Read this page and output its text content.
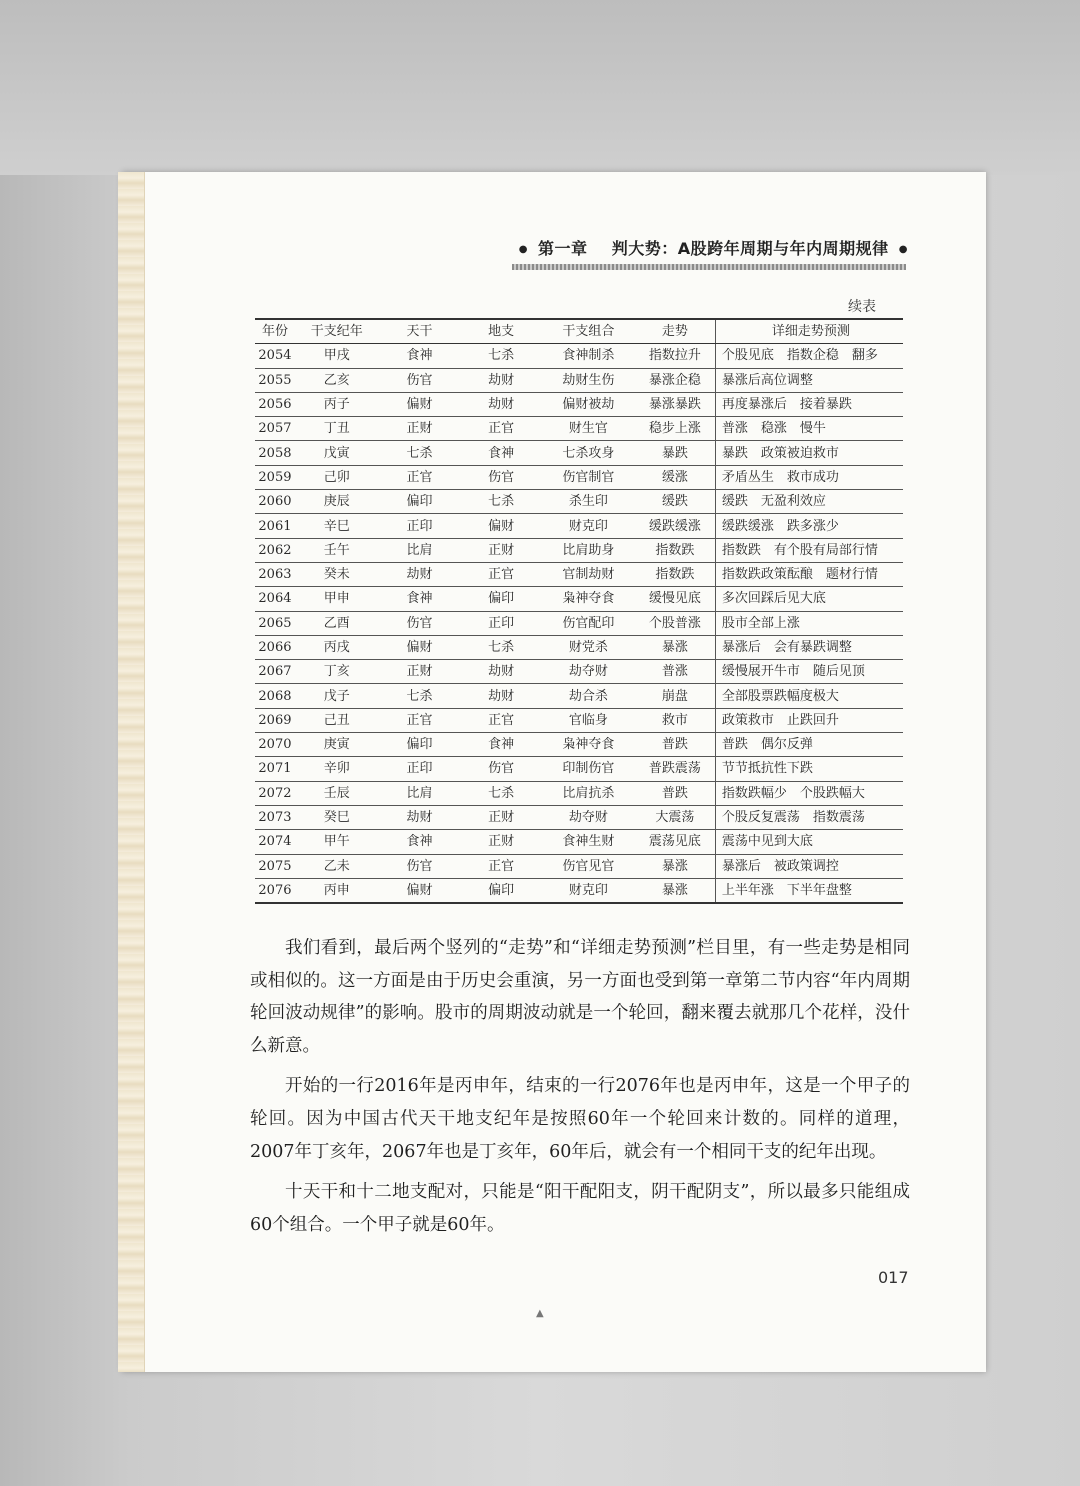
● 第一章 判大势：A股跨年周期与年内周期规律 ●
续表
年份	干支纪年	天干	地支	干支组合	走势	详细走势预测
2054	甲戌	食神	七杀	食神制杀	指数拉升	个股见底　指数企稳　翻多
2055	乙亥	伤官	劫财	劫财生伤	暴涨企稳	暴涨后高位调整
2056	丙子	偏财	劫财	偏财被劫	暴涨暴跌	再度暴涨后　接着暴跌
2057	丁丑	正财	正官	财生官	稳步上涨	普涨　稳涨　慢牛
2058	戊寅	七杀	食神	七杀攻身	暴跌	暴跌　政策被迫救市
2059	己卯	正官	伤官	伤官制官	缓涨	矛盾丛生　救市成功
2060	庚辰	偏印	七杀	杀生印	缓跌	缓跌　无盈利效应
2061	辛巳	正印	偏财	财克印	缓跌缓涨	缓跌缓涨　跌多涨少
2062	壬午	比肩	正财	比肩助身	指数跌	指数跌　有个股有局部行情
2063	癸未	劫财	正官	官制劫财	指数跌	指数跌政策酝酿　题材行情
2064	甲申	食神	偏印	枭神夺食	缓慢见底	多次回踩后见大底
2065	乙酉	伤官	正印	伤官配印	个股普涨	股市全部上涨
2066	丙戌	偏财	七杀	财党杀	暴涨	暴涨后　会有暴跌调整
2067	丁亥	正财	劫财	劫夺财	普涨	缓慢展开牛市　随后见顶
2068	戊子	七杀	劫财	劫合杀	崩盘	全部股票跌幅度极大
2069	己丑	正官	正官	官临身	救市	政策救市　止跌回升
2070	庚寅	偏印	食神	枭神夺食	普跌	普跌　偶尔反弹
2071	辛卯	正印	伤官	印制伤官	普跌震荡	节节抵抗性下跌
2072	壬辰	比肩	七杀	比肩抗杀	普跌	指数跌幅少　个股跌幅大
2073	癸巳	劫财	正财	劫夺财	大震荡	个股反复震荡　指数震荡
2074	甲午	食神	正财	食神生财	震荡见底	震荡中见到大底
2075	乙未	伤官	正官	伤官见官	暴涨	暴涨后　被政策调控
2076	丙申	偏财	偏印	财克印	暴涨	上半年涨　下半年盘整

我们看到，最后两个竖列的“走势”和“详细走势预测”栏目里，有一些走势是相同或相似的。这一方面是由于历史会重演，另一方面也受到第一章第二节内容“年内周期轮回波动规律”的影响。股市的周期波动就是一个轮回，翻来覆去就那几个花样，没什么新意。

开始的一行2016年是丙申年，结束的一行2076年也是丙申年，这是一个甲子的轮回。因为中国古代天干地支纪年是按照60年一个轮回来计数的。同样的道理，2007年丁亥年，2067年也是丁亥年，60年后，就会有一个相同干支的纪年出现。

十天干和十二地支配对，只能是“阳干配阳支，阴干配阴支”，所以最多只能组成60个组合。一个甲子就是60年。

017
▲
